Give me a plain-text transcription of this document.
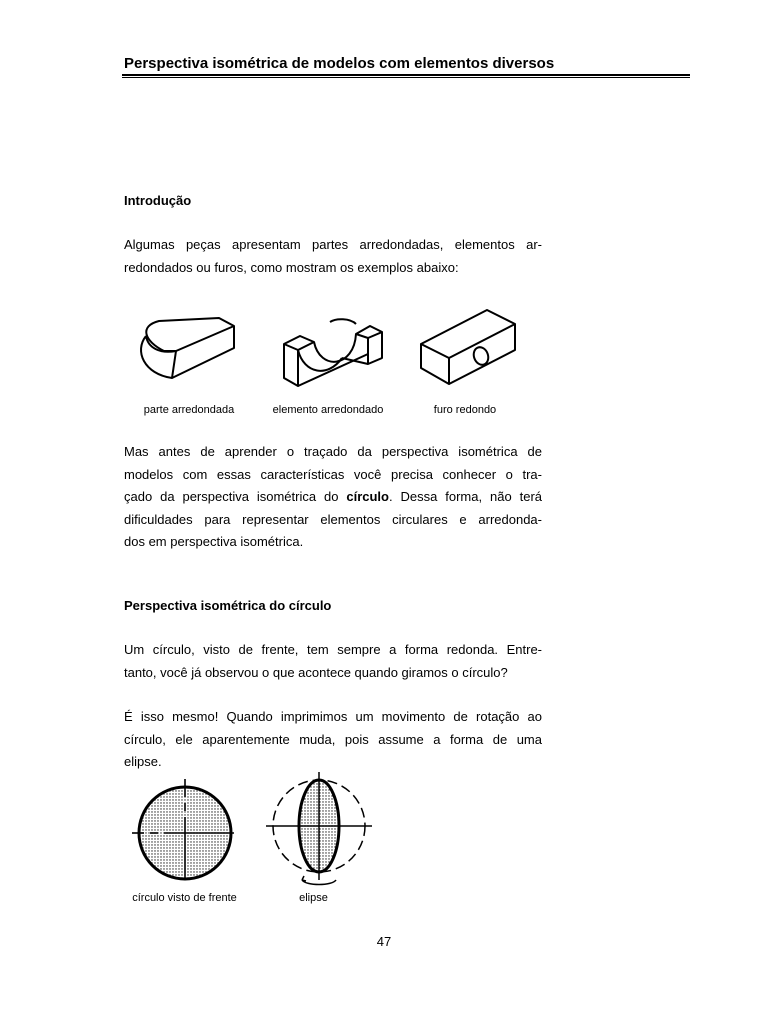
Perspectiva isométrica de modelos com elementos diversos
Introdução
Algumas peças apresentam partes arredondadas, elementos ar-
redondados ou furos, como mostram os exemplos abaixo:
parte arredondada	elemento arredondado	furo redondo
Mas antes de aprender o traçado da perspectiva isométrica de
modelos com essas características você precisa conhecer o tra-
çado da perspectiva isométrica do círculo. Dessa forma, não terá
dificuldades para representar elementos circulares e arredonda-
dos em perspectiva isométrica.
Perspectiva isométrica do círculo
Um círculo, visto de frente, tem sempre a forma redonda. Entre-
tanto, você já observou o que acontece quando giramos o círculo?
É isso mesmo! Quando imprimimos um movimento de rotação ao
círculo, ele aparentemente muda, pois assume a forma de uma
elipse.
círculo visto de frente	elipse
47
